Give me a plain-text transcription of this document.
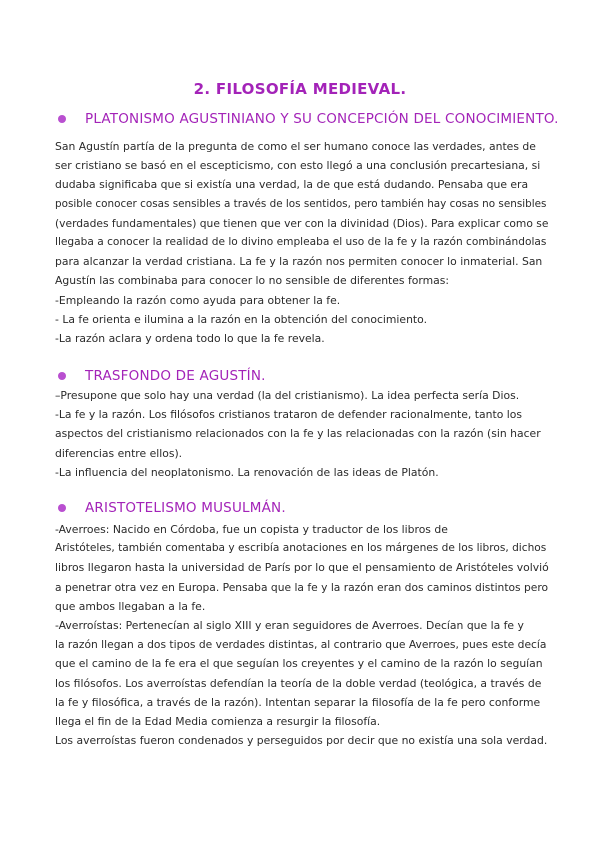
2. FILOSOFÍA MEDIEVAL.
PLATONISMO AGUSTINIANO Y SU CONCEPCIÓN DEL CONOCIMIENTO.
San Agustín partía de la pregunta de como el ser humano conoce las verdades, antes de
ser cristiano se basó en el escepticismo, con esto llegó a una conclusión precartesiana, si
dudaba significaba que si existía una verdad, la de que está dudando. Pensaba que era
posible conocer cosas sensibles a través de los sentidos, pero también hay cosas no sensibles
(verdades fundamentales) que tienen que ver con la divinidad (Dios). Para explicar como se
llegaba a conocer la realidad de lo divino empleaba el uso de la fe y la razón combinándolas
para alcanzar la verdad cristiana. La fe y la razón nos permiten conocer lo inmaterial. San
Agustín las combinaba para conocer lo no sensible de diferentes formas:
-Empleando la razón como ayuda para obtener la fe.
- La fe orienta e ilumina a la razón en la obtención del conocimiento.
-La razón aclara y ordena todo lo que la fe revela.
TRASFONDO DE AGUSTÍN.
–Presupone que solo hay una verdad (la del cristianismo). La idea perfecta sería Dios.
-La fe y la razón. Los filósofos cristianos trataron de defender racionalmente, tanto los
aspectos del cristianismo relacionados con la fe y las relacionadas con la razón (sin hacer
diferencias entre ellos).
-La influencia del neoplatonismo. La renovación de las ideas de Platón.
ARISTOTELISMO MUSULMÁN.
-Averroes: Nacido en Córdoba, fue un copista y traductor de los libros de
Aristóteles, también comentaba y escribía anotaciones en los márgenes de los libros, dichos
libros llegaron hasta la universidad de París por lo que el pensamiento de Aristóteles volvió
a penetrar otra vez en Europa. Pensaba que la fe y la razón eran dos caminos distintos pero
que ambos llegaban a la fe.
-Averroístas: Pertenecían al siglo XIII y eran seguidores de Averroes. Decían que la fe y
la razón llegan a dos tipos de verdades distintas, al contrario que Averroes, pues este decía
que el camino de la fe era el que seguían los creyentes y el camino de la razón lo seguían
los filósofos. Los averroístas defendían la teoría de la doble verdad (teológica, a través de
la fe y filosófica, a través de la razón). Intentan separar la filosofía de la fe pero conforme
llega el fin de la Edad Media comienza a resurgir la filosofía.
Los averroístas fueron condenados y perseguidos por decir que no existía una sola verdad.
